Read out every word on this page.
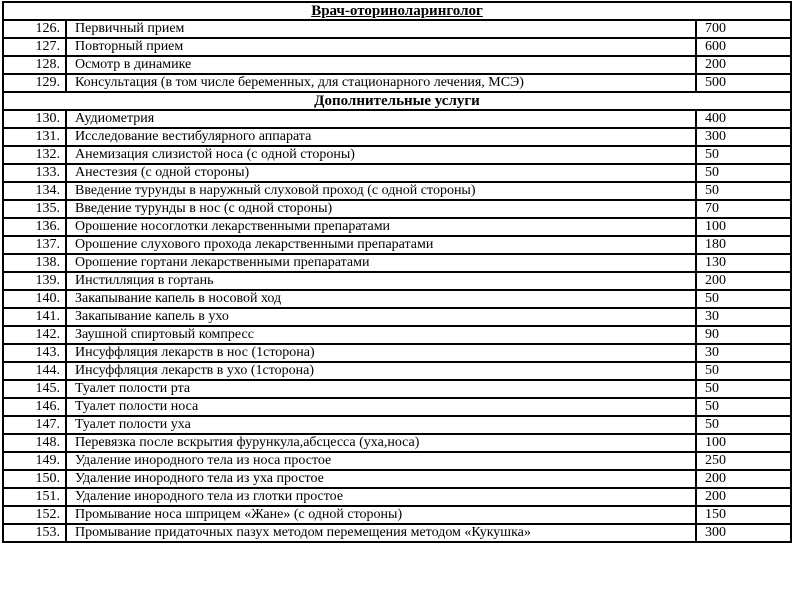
Врач-оториноларинголог		
126.	Первичный прием	700
127.	Повторный прием	600
128.	Осмотр в динамике	200
129.	Консультация (в том числе беременных, для стационарного лечения, МСЭ)	500
Дополнительные услуги		
130.	Аудиометрия	400
131.	Исследование вестибулярного аппарата	300
132.	Анемизация слизистой носа (с одной стороны)	50
133.	Анестезия (с одной стороны)	50
134.	Введение турунды в наружный слуховой проход (с одной стороны)	50
135.	Введение турунды в нос (с одной стороны)	70
136.	Орошение носоглотки лекарственными препаратами	100
137.	Орошение слухового прохода лекарственными препаратами	180
138.	Орошение гортани лекарственными препаратами	130
139.	Инстилляция в гортань	200
140.	Закапывание капель в носовой ход	50
141.	Закапывание капель в ухо	30
142.	Заушной спиртовый компресс	90
143.	Инсуффляция лекарств в нос (1сторона)	30
144.	Инсуффляция лекарств в ухо (1сторона)	50
145.	Туалет полости рта	50
146.	Туалет полости носа	50
147.	Туалет полости уха	50
148.	Перевязка после вскрытия фурункула,абсцесса (уха,носа)	100
149.	Удаление инородного тела из носа простое	250
150.	Удаление инородного тела из уха простое	200
151.	Удаление инородного тела из глотки простое	200
152.	Промывание носа шприцем «Жане» (с одной стороны)	150
153.	Промывание придаточных пазух методом перемещения методом «Кукушка»	300
